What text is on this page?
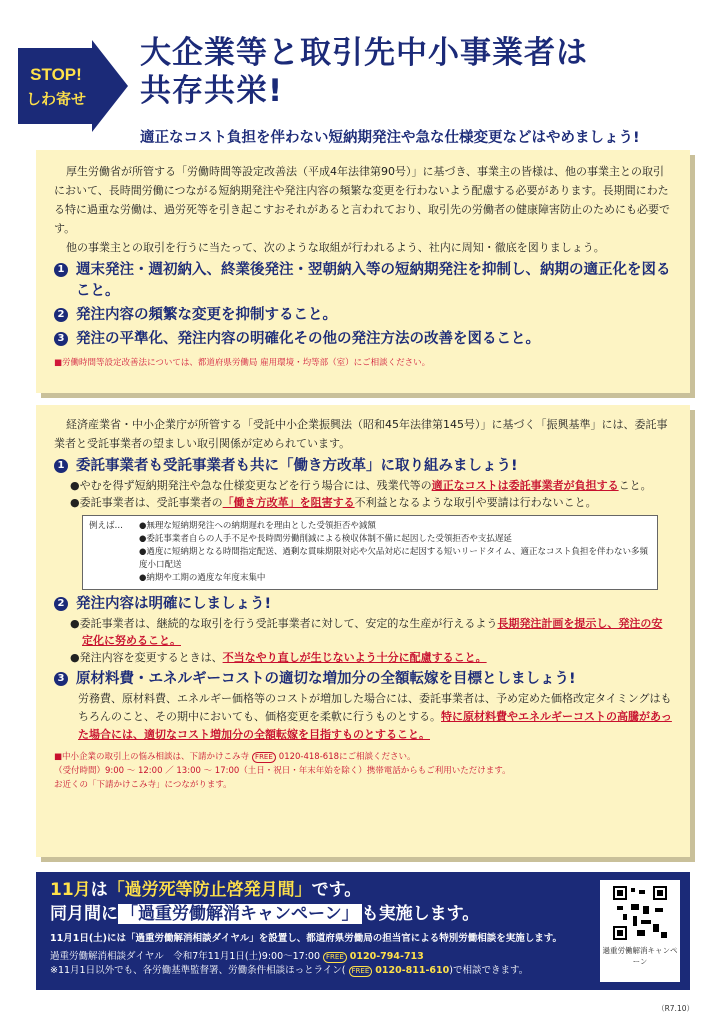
STOP!
しわ寄せ
大企業等と取引先中小事業者は
共存共栄!
適正なコスト負担を伴わない短納期発注や急な仕様変更などはやめましょう!
厚生労働省が所管する「労働時間等設定改善法（平成4年法律第90号）」に基づき、事業主の皆様は、他の事業主との取引において、長時間労働につながる短納期発注や発注内容の頻繁な変更を行わないよう配慮する必要があります。長期間にわたる特に過重な労働は、過労死等を引き起こすおそれがあると言われており、取引先の労働者の健康障害防止のためにも必要です。
他の事業主との取引を行うに当たって、次のような取組が行われるよう、社内に周知・徹底を図りましょう。
1 週末発注・週初納入、終業後発注・翌朝納入等の短納期発注を抑制し、納期の適正化を図ること。
2 発注内容の頻繁な変更を抑制すること。
3 発注の平準化、発注内容の明確化その他の発注方法の改善を図ること。
■労働時間等設定改善法については、都道府県労働局 雇用環境・均等部（室）にご相談ください。
経済産業省・中小企業庁が所管する「受託中小企業振興法（昭和45年法律第145号）」に基づく「振興基準」には、委託事業者と受託事業者の望ましい取引関係が定められています。
1 委託事業者も受託事業者も共に「働き方改革」に取り組みましょう!
●やむを得ず短納期発注や急な仕様変更などを行う場合には、残業代等の適正なコストは委託事業者が負担すること。
●委託事業者は、受託事業者の「働き方改革」を阻害する不利益となるような取引や要請は行わないこと。
例えば…	●無理な短納期発注への納期遅れを理由とした受領拒否や減額
●委託事業者自らの人手不足や長時間労働削減による検収体制不備に起因した受領拒否や支払遅延
●過度に短納期となる時間指定配送、過剰な貫味期限対応や欠品対応に起因する短いリードタイム、適正なコスト負担を伴わない多頻度小口配送
●納期や工期の過度な年度末集中
2 発注内容は明確にしましょう!
●委託事業者は、継続的な取引を行う受託事業者に対して、安定的な生産が行えるよう長期発注計画を提示し、発注の安定化に努めること。
●発注内容を変更するときは、不当なやり直しが生じないよう十分に配慮すること。
3 原材料費・エネルギーコストの適切な増加分の全額転嫁を目標としましょう!
労務費、原材料費、エネルギー価格等のコストが増加した場合には、委託事業者は、予め定めた価格改定タイミングはもちろんのこと、その期中においても、価格変更を柔軟に行うものとする。特に原材料費やエネルギーコストの高騰があった場合には、適切なコスト増加分の全額転嫁を目指すものとすること。
■中小企業の取引上の悩み相談は、下請かけこみ寺 FREE 0120-418-618にご相談ください。
（受付時間）9:00 ～ 12:00 ／ 13:00 ～ 17:00（土日・祝日・年末年始を除く）携帯電話からもご利用いただけます。
お近くの「下請かけこみ寺」につながります。
11月は「過労死等防止啓発月間」です。
同月間に 「過重労働解消キャンペーン」 も実施します。
11月1日(土)には「過重労働解消相談ダイヤル」を設置し、都道府県労働局の担当官による特別労働相談を実施します。
過重労働解消相談ダイヤル　令和7年11月1日(土)9:00～17:00 FREE 0120-794-713
※11月1日以外でも、各労働基準監督署、労働条件相談ほっとライン( FREE 0120-811-610)で相談できます。
過重労働解消キャンペーン
（R7.10）
